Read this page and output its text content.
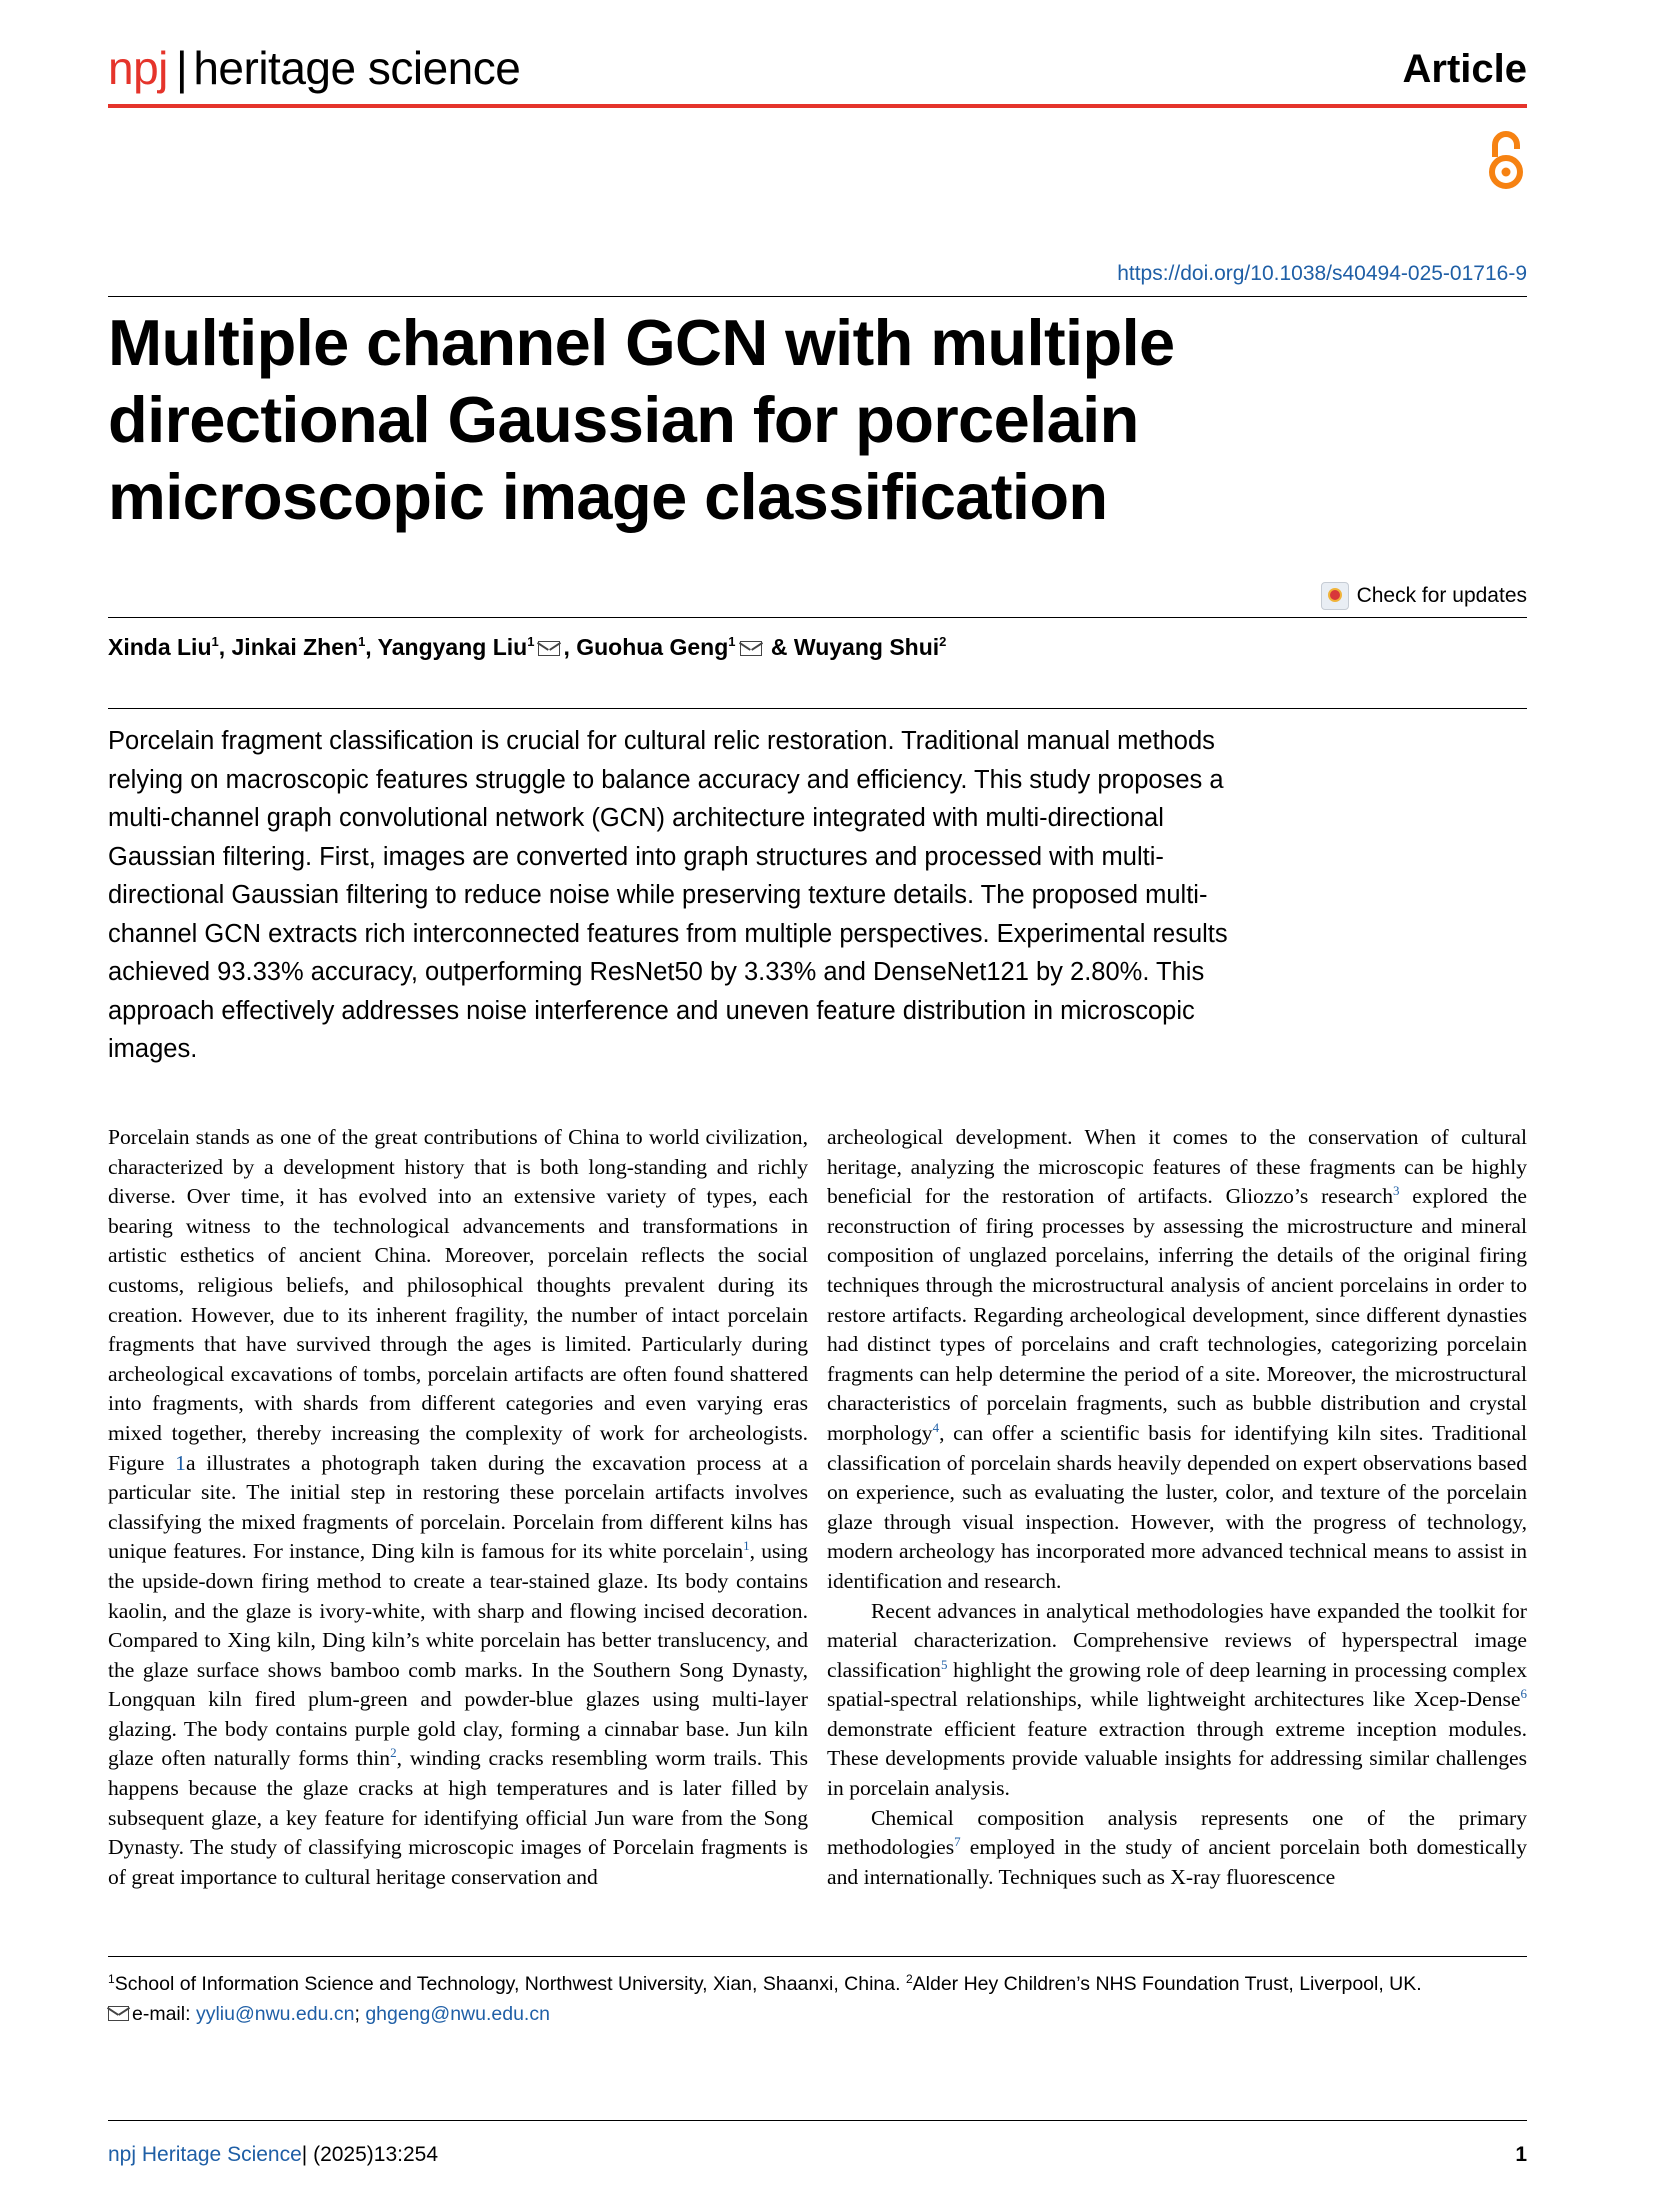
npj | heritage science	Article
https://doi.org/10.1038/s40494-025-01716-9
Multiple channel GCN with multiple
directional Gaussian for porcelain
microscopic image classification
Check for updates
Xinda Liu$^1$, Jinkai Zhen$^1$, Yangyang Liu$^1$ , Guohua Geng$^1$ & Wuyang Shui$^2$
Porcelain fragment classification is crucial for cultural relic restoration. Traditional manual methods
relying on macroscopic features struggle to balance accuracy and efficiency. This study proposes a
multi-channel graph convolutional network (GCN) architecture integrated with multi-directional
Gaussian filtering. First, images are converted into graph structures and processed with multi-
directional Gaussian filtering to reduce noise while preserving texture details. The proposed multi-
channel GCN extracts rich interconnected features from multiple perspectives. Experimental results
achieved 93.33% accuracy, outperforming ResNet50 by 3.33% and DenseNet121 by 2.80%. This
approach effectively addresses noise interference and uneven feature distribution in microscopic
images.

Porcelain stands as one of the great contributions of China to world civilization, characterized by a development history that is both long-standing and richly diverse. Over time, it has evolved into an extensive variety of types, each bearing witness to the technological advancements and transformations in artistic esthetics of ancient China. Moreover, porcelain reflects the social customs, religious beliefs, and philosophical thoughts prevalent during its creation. However, due to its inherent fragility, the number of intact porcelain fragments that have survived through the ages is limited. Particularly during archeological excavations of tombs, porcelain artifacts are often found shattered into fragments, with shards from different categories and even varying eras mixed together, thereby increasing the complexity of work for archeologists. Figure 1a illustrates a photograph taken during the excavation process at a particular site. The initial step in restoring these porcelain artifacts involves classifying the mixed fragments of porcelain. Porcelain from different kilns has unique features. For instance, Ding kiln is famous for its white porcelain$^1$, using the upside-down firing method to create a tear-stained glaze. Its body contains kaolin, and the glaze is ivory-white, with sharp and flowing incised decoration. Compared to Xing kiln, Ding kiln’s white porcelain has better translucency, and the glaze surface shows bamboo comb marks. In the Southern Song Dynasty, Longquan kiln fired plum-green and powder-blue glazes using multi-layer glazing. The body contains purple gold clay, forming a cinnabar base. Jun kiln glaze often naturally forms thin$^2$, winding cracks resembling worm trails. This happens because the glaze cracks at high temperatures and is later filled by subsequent glaze, a key feature for identifying official Jun ware from the Song Dynasty. The study of classifying microscopic images of Porcelain fragments is of great importance to cultural heritage conservation and

archeological development. When it comes to the conservation of cultural heritage, analyzing the microscopic features of these fragments can be highly beneficial for the restoration of artifacts. Gliozzo’s research$^3$ explored the reconstruction of firing processes by assessing the microstructure and mineral composition of unglazed porcelains, inferring the details of the original firing techniques through the microstructural analysis of ancient porcelains in order to restore artifacts. Regarding archeological development, since different dynasties had distinct types of porcelains and craft technologies, categorizing porcelain fragments can help determine the period of a site. Moreover, the microstructural characteristics of porcelain fragments, such as bubble distribution and crystal morphology$^4$, can offer a scientific basis for identifying kiln sites. Traditional classification of porcelain shards heavily depended on expert observations based on experience, such as evaluating the luster, color, and texture of the porcelain glaze through visual inspection. However, with the progress of technology, modern archeology has incorporated more advanced technical means to assist in identification and research.

Recent advances in analytical methodologies have expanded the toolkit for material characterization. Comprehensive reviews of hyperspectral image classification$^5$ highlight the growing role of deep learning in processing complex spatial-spectral relationships, while lightweight architectures like Xcep-Dense$^6$ demonstrate efficient feature extraction through extreme inception modules. These developments provide valuable insights for addressing similar challenges in porcelain analysis.

Chemical composition analysis represents one of the primary methodologies$^7$ employed in the study of ancient porcelain both domestically and internationally. Techniques such as X-ray fluorescence

$^1$School of Information Science and Technology, Northwest University, Xian, Shaanxi, China. $^2$Alder Hey Children’s NHS Foundation Trust, Liverpool, UK.
e-mail: yyliu@nwu.edu.cn; ghgeng@nwu.edu.cn
npj Heritage Science| (2025)13:254	1
